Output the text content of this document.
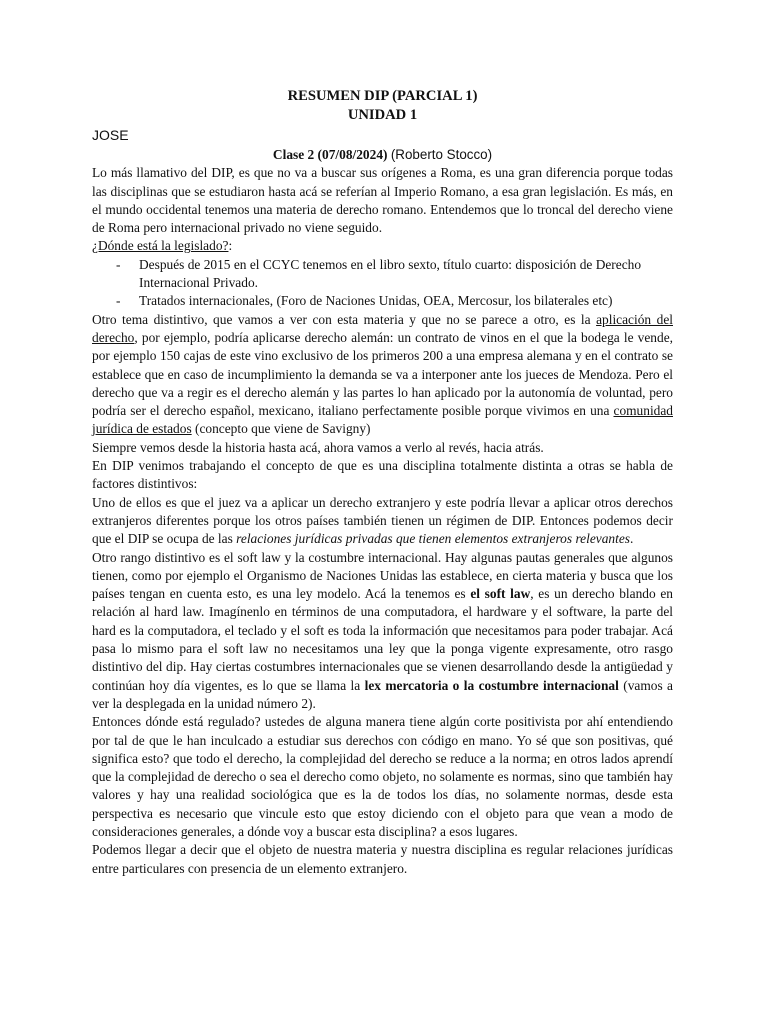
RESUMEN DIP (PARCIAL 1)
UNIDAD 1
JOSE
Clase 2 (07/08/2024) (Roberto Stocco)

Lo más llamativo del DIP, es que no va a buscar sus orígenes a Roma, es una gran diferencia porque todas las disciplinas que se estudiaron hasta acá se referían al Imperio Romano, a esa gran legislación. Es más, en el mundo occidental tenemos una materia de derecho romano. Entendemos que lo troncal del derecho viene de Roma pero internacional privado no viene seguido.

¿Dónde está la legislado?:

- Después de 2015 en el CCYC tenemos en el libro sexto, título cuarto: disposición de Derecho Internacional Privado.
- Tratados internacionales, (Foro de Naciones Unidas, OEA, Mercosur, los bilaterales etc)

Otro tema distintivo, que vamos a ver con esta materia y que no se parece a otro, es la aplicación del derecho, por ejemplo, podría aplicarse derecho alemán: un contrato de vinos en el que la bodega le vende, por ejemplo 150 cajas de este vino exclusivo de los primeros 200 a una empresa alemana y en el contrato se establece que en caso de incumplimiento la demanda se va a interponer ante los jueces de Mendoza. Pero el derecho que va a regir es el derecho alemán y las partes lo han aplicado por la autonomía de voluntad, pero podría ser el derecho español, mexicano, italiano perfectamente posible porque vivimos en una comunidad jurídica de estados (concepto que viene de Savigny)

Siempre vemos desde la historia hasta acá, ahora vamos a verlo al revés, hacia atrás.

En DIP venimos trabajando el concepto de que es una disciplina totalmente distinta a otras se habla de factores distintivos:

Uno de ellos es que el juez va a aplicar un derecho extranjero y este podría llevar a aplicar otros derechos extranjeros diferentes porque los otros países también tienen un régimen de DIP. Entonces podemos decir que el DIP se ocupa de las relaciones jurídicas privadas que tienen elementos extranjeros relevantes.

Otro rango distintivo es el soft law y la costumbre internacional. Hay algunas pautas generales que algunos tienen, como por ejemplo el Organismo de Naciones Unidas las establece, en cierta materia y busca que los países tengan en cuenta esto, es una ley modelo. Acá la tenemos es el soft law, es un derecho blando en relación al hard law. Imagínenlo en términos de una computadora, el hardware y el software, la parte del hard es la computadora, el teclado y el soft es toda la información que necesitamos para poder trabajar. Acá pasa lo mismo para el soft law no necesitamos una ley que la ponga vigente expresamente, otro rasgo distintivo del dip. Hay ciertas costumbres internacionales que se vienen desarrollando desde la antigüedad y continúan hoy día vigentes, es lo que se llama la lex mercatoria o la costumbre internacional (vamos a ver la desplegada en la unidad número 2).

Entonces dónde está regulado? ustedes de alguna manera tiene algún corte positivista por ahí entendiendo por tal de que le han inculcado a estudiar sus derechos con código en mano. Yo sé que son positivas, qué significa esto? que todo el derecho, la complejidad del derecho se reduce a la norma; en otros lados aprendí que la complejidad de derecho o sea el derecho como objeto, no solamente es normas, sino que también hay valores y hay una realidad sociológica que es la de todos los días, no solamente normas, desde esta perspectiva es necesario que vincule esto que estoy diciendo con el objeto para que vean a modo de consideraciones generales, a dónde voy a buscar esta disciplina? a esos lugares.

Podemos llegar a decir que el objeto de nuestra materia y nuestra disciplina es regular relaciones jurídicas entre particulares con presencia de un elemento extranjero.
